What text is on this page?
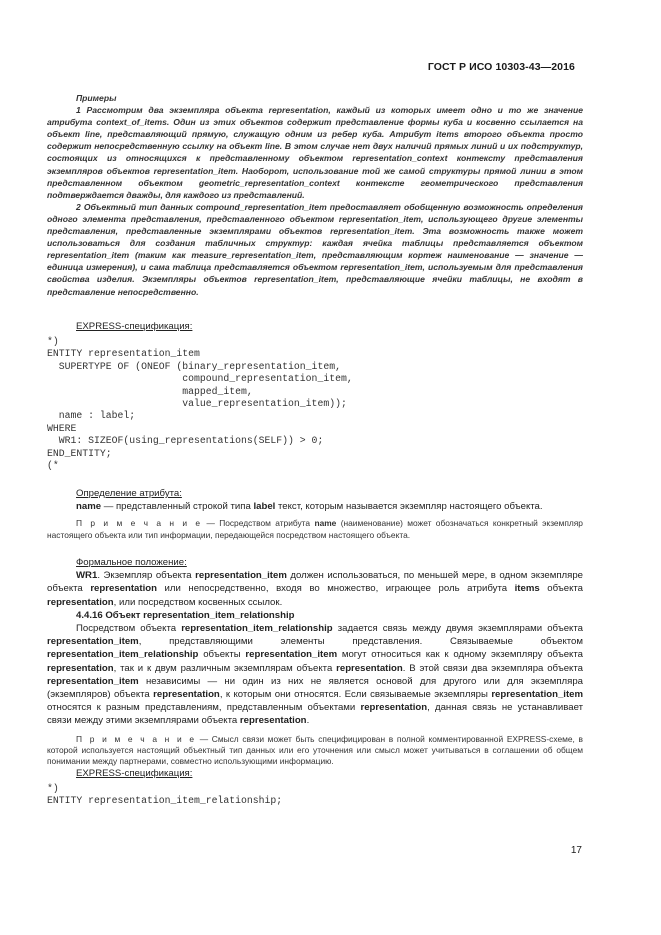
ГОСТ Р ИСО 10303-43—2016

Примеры

1 Рассмотрим два экземпляра объекта representation, каждый из которых имеет одно и то же значение атрибута context_of_items. Один из этих объектов содержит представление формы куба и косвенно ссылается на объект line, представляющий прямую, служащую одним из ребер куба. Атрибут items второго объекта просто содержит непосредственную ссылку на объект line. В этом случае нет двух наличий прямых линий и их подструктур, состоящих из относящихся к представленному объектом representation_context контексту представления экземпляров объектов representation_item. Наоборот, использование той же самой структуры прямой линии в этом представленном объектом geometric_representation_context контексте геометрического представления подтверждается дважды, для каждого из представлений.

2 Объектный тип данных compound_representation_item предоставляет обобщенную возможность определения одного элемента представления, представленного объектом representation_item, использующего другие элементы представления, представленные экземплярами объектов representation_item. Эта возможность также может использоваться для создания табличных структур: каждая ячейка таблицы представляется объектом representation_item (таким как measure_representation_item, представляющим кортеж наименование — значение — единица измерения), и сама таблица представляется объектом representation_item, используемым для представления свойства изделия. Экземпляры объектов representation_item, представляющие ячейки таблицы, не входят в представление непосредственно.

EXPRESS-спецификация:

*)
ENTITY representation_item
SUPERTYPE OF (ONEOF (binary_representation_item,
compound_representation_item,
mapped_item,
value_representation_item));
name : label;
WHERE
WR1: SIZEOF(using_representations(SELF)) > 0;
END_ENTITY;
(*

Определение атрибута:

name — представленный строкой типа label текст, которым называется экземпляр настоящего объекта.

П р и м е ч а н и е — Посредством атрибута name (наименование) может обозначаться конкретный экземпляр настоящего объекта или тип информации, передающейся посредством настоящего объекта.

Формальное положение:

WR1. Экземпляр объекта representation_item должен использоваться, по меньшей мере, в одном экземпляре объекта representation или непосредственно, входя во множество, играющее роль атрибута items объекта representation, или посредством косвенных ссылок.

4.4.16 Объект representation_item_relationship

Посредством объекта representation_item_relationship задается связь между двумя экземплярами объекта representation_item, представляющими элементы представления. Связываемые объектом representation_item_relationship объекты representation_item могут относиться как к одному экземпляру объекта representation, так и к двум различным экземплярам объекта representation. В этой связи два экземпляра объекта representation_item независимы — ни один из них не является основой для другого или для экземпляра (экземпляров) объекта representation, к которым они относятся. Если связываемые экземпляры representation_item относятся к разным представлениям, представленным объектами representation, данная связь не устанавливает связи между этими экземплярами объекта representation.

П р и м е ч а н и е — Смысл связи может быть специфицирован в полной комментированной EXPRESS-схеме, в которой используется настоящий объектный тип данных или его уточнения или смысл может учитываться в соглашении об общем понимании между партнерами, совместно использующими информацию.

EXPRESS-спецификация:

*)
ENTITY representation_item_relationship;
17
